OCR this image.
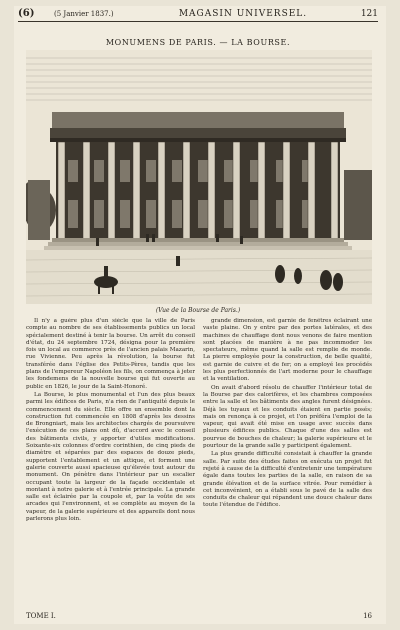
(6)	(5 Janvier 1837.)	MAGASIN UNIVERSEL.	121
MONUMENS DE PARIS. — LA BOURSE.
(Vue de la Bourse de Paris.)

Il n'y a guère plus d'un siècle que la ville de Paris compte au nombre de ses établissements publics un local spécialement destiné à tenir la bourse. Un arrêt du conseil d'état, du 24 septembre 1724, désigna pour la première fois un local au commerce près de l'ancien palais Mazarin, rue Vivienne. Peu après la révolution, la bourse fut transférée dans l'église des Petits-Pères, tandis que les plans de l'empereur Napoléon les fils, on commença à jeter les fondemens de la nouvelle bourse qui fut ouverte au public en 1826, le jour de la Saint-Honoré.

La Bourse, le plus monumental et l'un des plus beaux parmi les édifices de Paris, n'a rien de l'antiquité depuis le commencement du siècle. Elle offre un ensemble dont la construction fut commencée en 1808 d'après les dessins de Brongniart, mais les architectes chargés de poursuivre l'exécution de ces plans ont dû, d'accord avec le conseil des bâtiments civils, y apporter d'utiles modifications. Soixante-six colonnes d'ordre corinthien, de cinq pieds de diamètre et séparées par des espaces de douze pieds, supportent l'entablement et un attique, et forment une galerie couverte aussi spacieuse qu'élevée tout autour du monument. On pénètre dans l'intérieur par un escalier occupant toute la largeur de la façade occidentale et montant à notre galerie et à l'entrée principale. La grande salle est éclairée par la coupole et, par la voûte de ses arcades qui l'environnent, et se complète au moyen de la vapeur, de la galerie supérieure et des appareils dont nous parlerons plus loin.

grande dimension, est garnie de fenêtres éclairant une vaste plaine. On y entre par des portes latérales, et des machines de chauffage dont nous venons de faire mention sont placées de manière à ne pas incommoder les spectateurs, même quand la salle est remplie de monde. La pierre employée pour la construction, de belle qualité, est garnie de cuivre et de fer; on a employé les procédés les plus perfectionnés de l'art moderne pour le chauffage et la ventilation.

On avait d'abord résolu de chauffer l'intérieur total de la Bourse par des calorifères, et les chambres composées entre la salle et les bâtiments des angles furent désignées. Déjà les tuyaux et les conduits étaient en partie posés; mais on renonça à ce projet, et l'on préféra l'emploi de la vapeur, qui avait été mise en usage avec succès dans plusieurs édifices publics. Chaque d'une des salles est pourvue de bouches de chaleur; la galerie supérieure et le pourtour de la grande salle y participent également.

La plus grande difficulté consistait à chauffer la grande salle. Par suite des études faites on exécuta un projet fut rejeté à cause de la difficulté d'entretenir une température égale dans toutes les parties de la salle, en raison de sa grande élévation et de la surface vitrée. Pour remédier à cet inconvénient, on a établi sous le pavé de la salle des conduits de chaleur qui répandent une douce chaleur dans toute l'étendue de l'édifice.

TOME I.	16
